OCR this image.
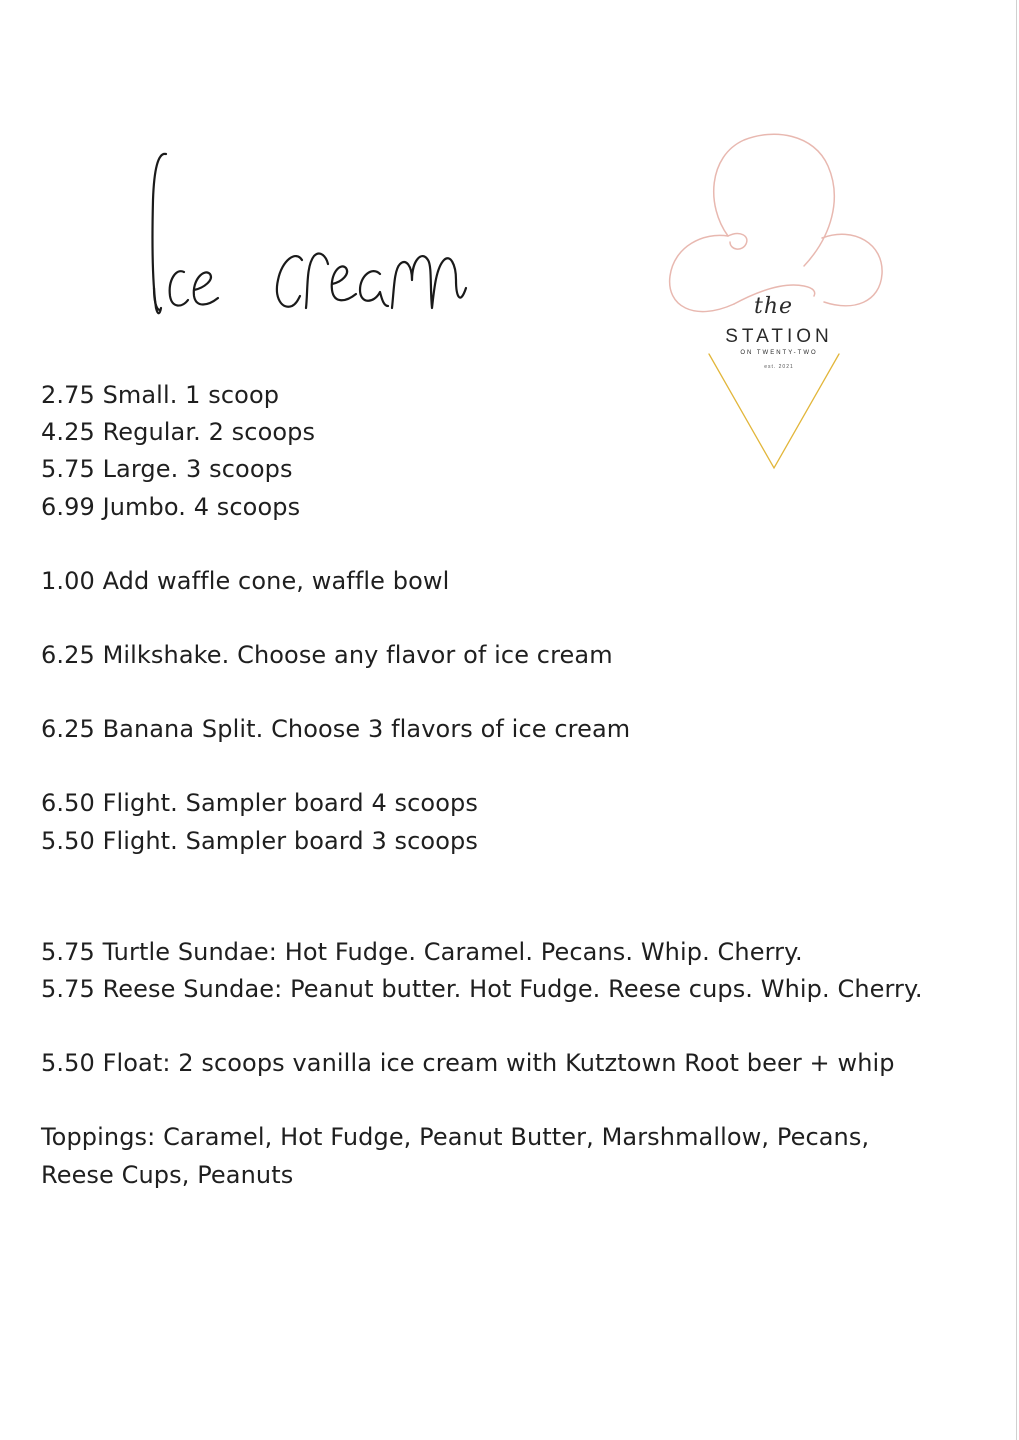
the
STATION
ON TWENTY-TWO
est. 2021
2.75 Small. 1 scoop
4.25 Regular. 2 scoops
5.75 Large. 3 scoops
6.99 Jumbo. 4 scoops
1.00 Add waffle cone, waffle bowl
6.25 Milkshake. Choose any flavor of ice cream
6.25 Banana Split. Choose 3 flavors of ice cream
6.50 Flight. Sampler board 4 scoops
5.50 Flight. Sampler board 3 scoops
5.75 Turtle Sundae: Hot Fudge. Caramel. Pecans. Whip. Cherry.
5.75 Reese Sundae: Peanut butter. Hot Fudge. Reese cups. Whip. Cherry.
5.50 Float: 2 scoops vanilla ice cream with Kutztown Root beer + whip
Toppings: Caramel, Hot Fudge, Peanut Butter, Marshmallow, Pecans,
Reese Cups, Peanuts
